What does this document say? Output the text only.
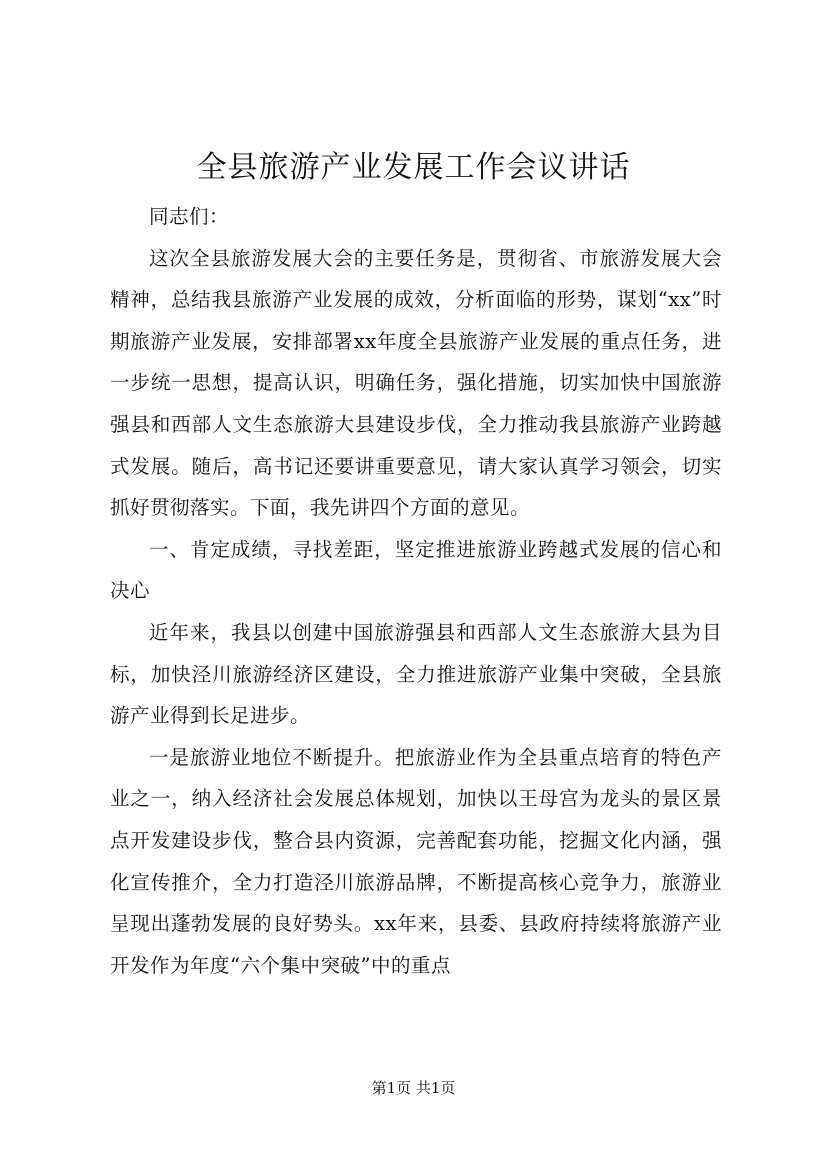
全县旅游产业发展工作会议讲话

同志们：

这次全县旅游发展大会的主要任务是，贯彻省、市旅游发展大会精神，总结我县旅游产业发展的成效，分析面临的形势，谋划“xx”时期旅游产业发展，安排部署xx年度全县旅游产业发展的重点任务，进一步统一思想，提高认识，明确任务，强化措施，切实加快中国旅游强县和西部人文生态旅游大县建设步伐，全力推动我县旅游产业跨越式发展。随后，高书记还要讲重要意见，请大家认真学习领会，切实抓好贯彻落实。下面，我先讲四个方面的意见。

一、肯定成绩，寻找差距，坚定推进旅游业跨越式发展的信心和决心

近年来，我县以创建中国旅游强县和西部人文生态旅游大县为目标，加快泾川旅游经济区建设，全力推进旅游产业集中突破，全县旅游产业得到长足进步。

一是旅游业地位不断提升。把旅游业作为全县重点培育的特色产业之一，纳入经济社会发展总体规划，加快以王母宫为龙头的景区景点开发建设步伐，整合县内资源，完善配套功能，挖掘文化内涵，强化宣传推介，全力打造泾川旅游品牌，不断提高核心竞争力，旅游业呈现出蓬勃发展的良好势头。xx年来，县委、县政府持续将旅游产业开发作为年度“六个集中突破”中的重点

第1页 共1页
